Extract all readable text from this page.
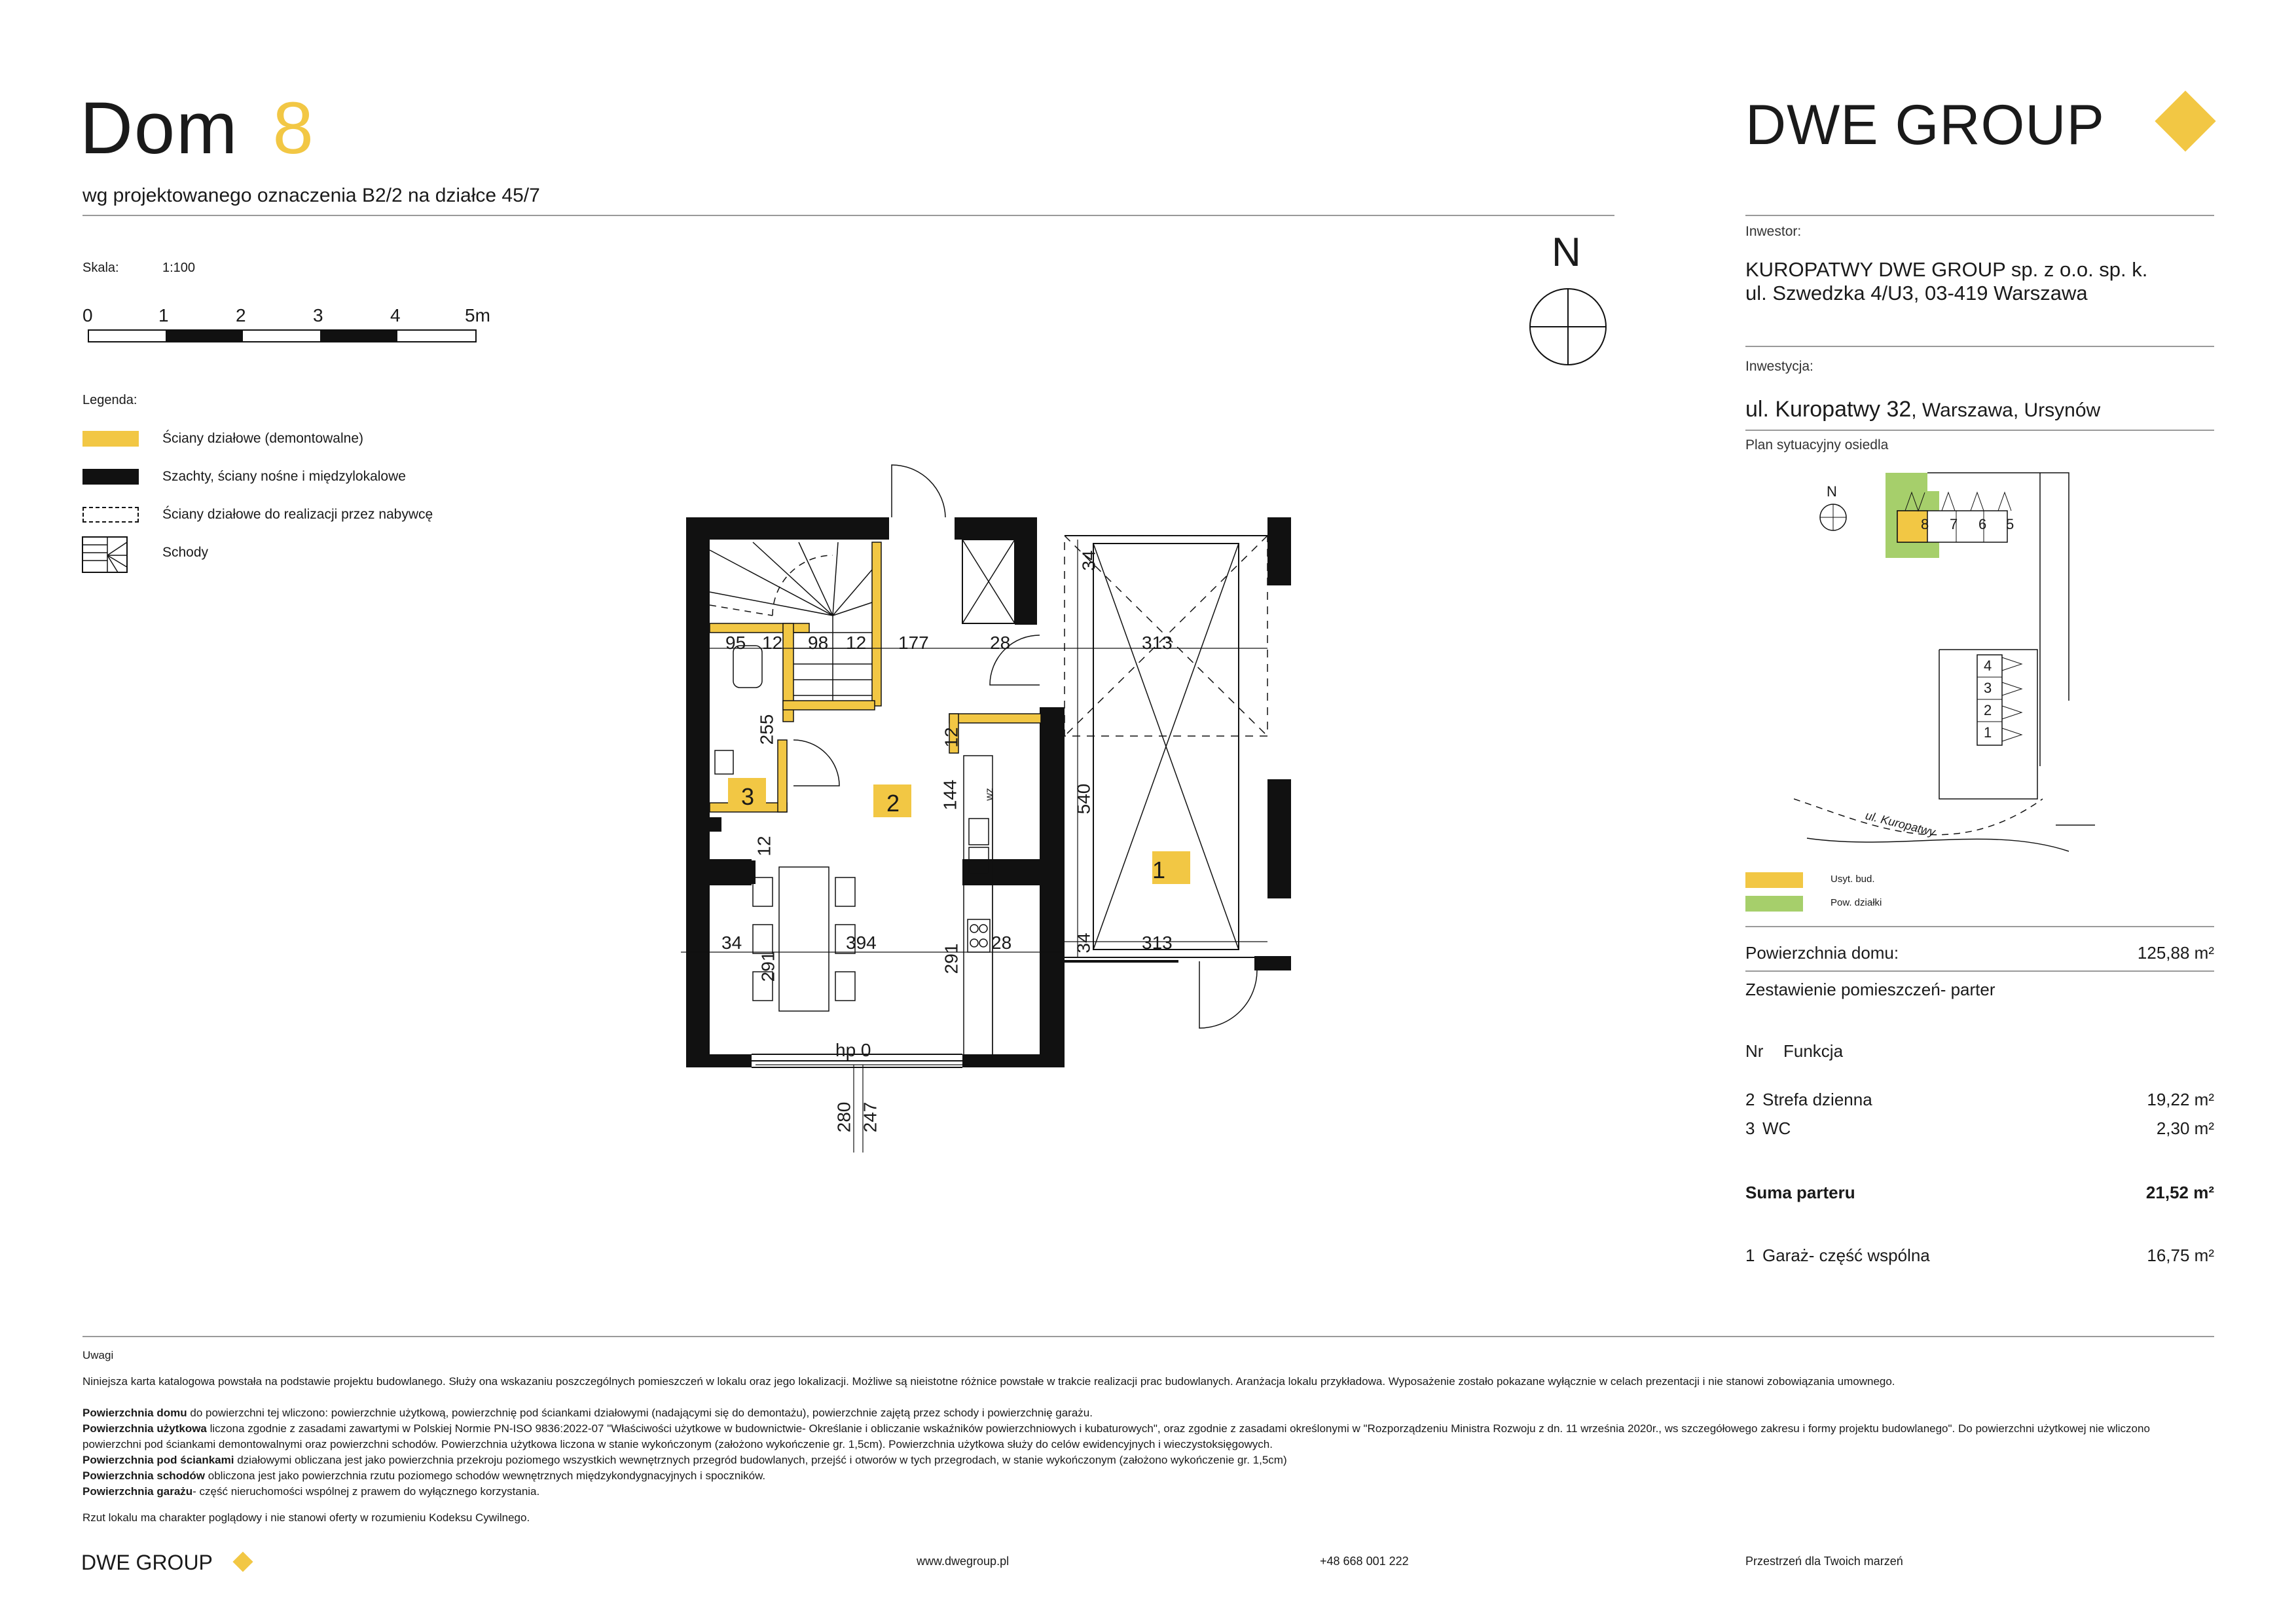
Dom 8
wg projektowanego oznaczenia B2/2 na działce 45/7
Skala:	1:100
0	1	2	3	4	5m
Legenda:
Ściany działowe (demontowalne)
Szachty, ściany nośne i międzylokalowe
Ściany działowe do realizacji przez nabywcę
Schody
N
1
2
3
95 12 98 12 177	28	313
34
255	12
144	540
12
34
291
394
291
28	34	313
hp 0
280 247
wz
DWE GROUP
Inwestor:
KUROPATWY DWE GROUP sp. z o.o. sp. k.
ul. Szwedzka 4/U3, 03-419 Warszawa
Inwestycja:
ul. Kuropatwy 32, Warszawa, Ursynów
Plan sytuacyjny osiedla
N
8 7 6 5
4
3
2
1
ul. Kuropatwy
Usyt. bud.
Pow. działki
Powierzchnia domu:	125,88 m²
Zestawienie pomieszczeń- parter
Nr Funkcja
2 Strefa dzienna	19,22 m²
3 WC	2,30 m²
Suma parteru	21,52 m²
1 Garaż- część wspólna	16,75 m²
Uwagi
Niniejsza karta katalogowa powstała na podstawie projektu budowlanego. Służy ona wskazaniu poszczególnych pomieszczeń w lokalu oraz jego lokalizacji. Możliwe są nieistotne różnice powstałe w trakcie realizacji prac budowlanych. Aranżacja lokalu przykładowa. Wyposażenie zostało pokazane wyłącznie w celach prezentacji i nie stanowi zobowiązania umownego.
Powierzchnia domu do powierzchni tej wliczono: powierzchnie użytkową, powierzchnię pod ściankami działowymi (nadającymi się do demontażu), powierzchnie zajętą przez schody i powierzchnię garażu.
Powierzchnia użytkowa liczona zgodnie z zasadami zawartymi w Polskiej Normie PN-ISO 9836:2022-07 "Właściwości użytkowe w budownictwie- Określanie i obliczanie wskaźników powierzchniowych i kubaturowych", oraz zgodnie z zasadami określonymi w "Rozporządzeniu Ministra Rozwoju z dn. 11 września 2020r., ws szczegółowego zakresu i formy projektu budowlanego". Do powierzchni użytkowej nie wliczono powierzchni pod ściankami demontowalnymi oraz powierzchni schodów. Powierzchnia użytkowa liczona w stanie wykończonym (założono wykończenie gr. 1,5cm). Powierzchnia użytkowa służy do celów ewidencyjnych i wieczystoksięgowych.
Powierzchnia pod ściankami działowymi obliczana jest jako powierzchnia przekroju poziomego wszystkich wewnętrznych przegród budowlanych, przejść i otworów w tych przegrodach, w stanie wykończonym (założono wykończenie gr. 1,5cm)
Powierzchnia schodów obliczona jest jako powierzchnia rzutu poziomego schodów wewnętrznych międzykondygnacyjnych i spoczników.
Powierzchnia garażu- część nieruchomości wspólnej z prawem do wyłącznego korzystania.
Rzut lokalu ma charakter poglądowy i nie stanowi oferty w rozumieniu Kodeksu Cywilnego.
DWE GROUP	www.dwegroup.pl	+48 668 001 222	Przestrzeń dla Twoich marzeń
